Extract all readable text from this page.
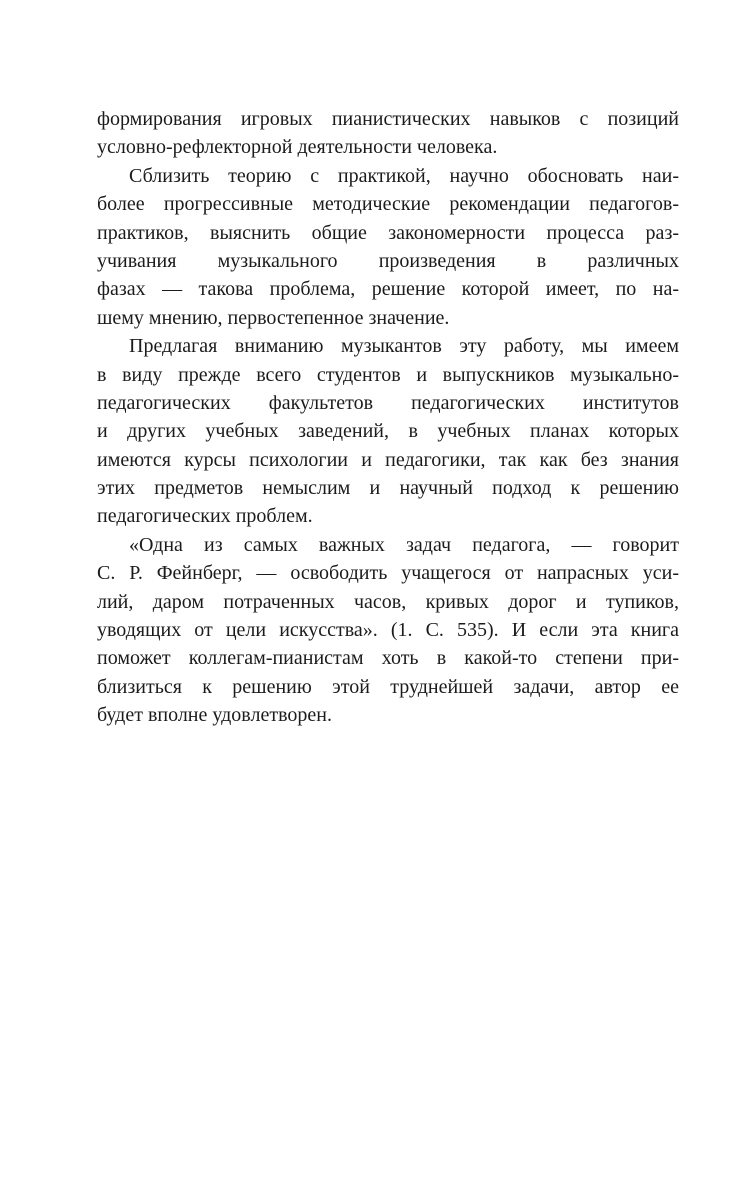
формирования игровых пианистических навыков с позиций
условно-рефлекторной деятельности человека.
Сблизить теорию с практикой, научно обосновать наи-
более прогрессивные методические рекомендации педагогов-
практиков, выяснить общие закономерности процесса раз-
учивания музыкального произведения в различных
фазах — такова проблема, решение которой имеет, по на-
шему мнению, первостепенное значение.
Предлагая вниманию музыкантов эту работу, мы имеем
в виду прежде всего студентов и выпускников музыкально-
педагогических факультетов педагогических институтов
и других учебных заведений, в учебных планах которых
имеются курсы психологии и педагогики, так как без знания
этих предметов немыслим и научный подход к решению
педагогических проблем.
«Одна из самых важных задач педагога, — говорит
С. Р. Фейнберг, — освободить учащегося от напрасных уси-
лий, даром потраченных часов, кривых дорог и тупиков,
уводящих от цели искусства». (1. С. 535). И если эта книга
поможет коллегам-пианистам хоть в какой-то степени при-
близиться к решению этой труднейшей задачи, автор ее
будет вполне удовлетворен.
